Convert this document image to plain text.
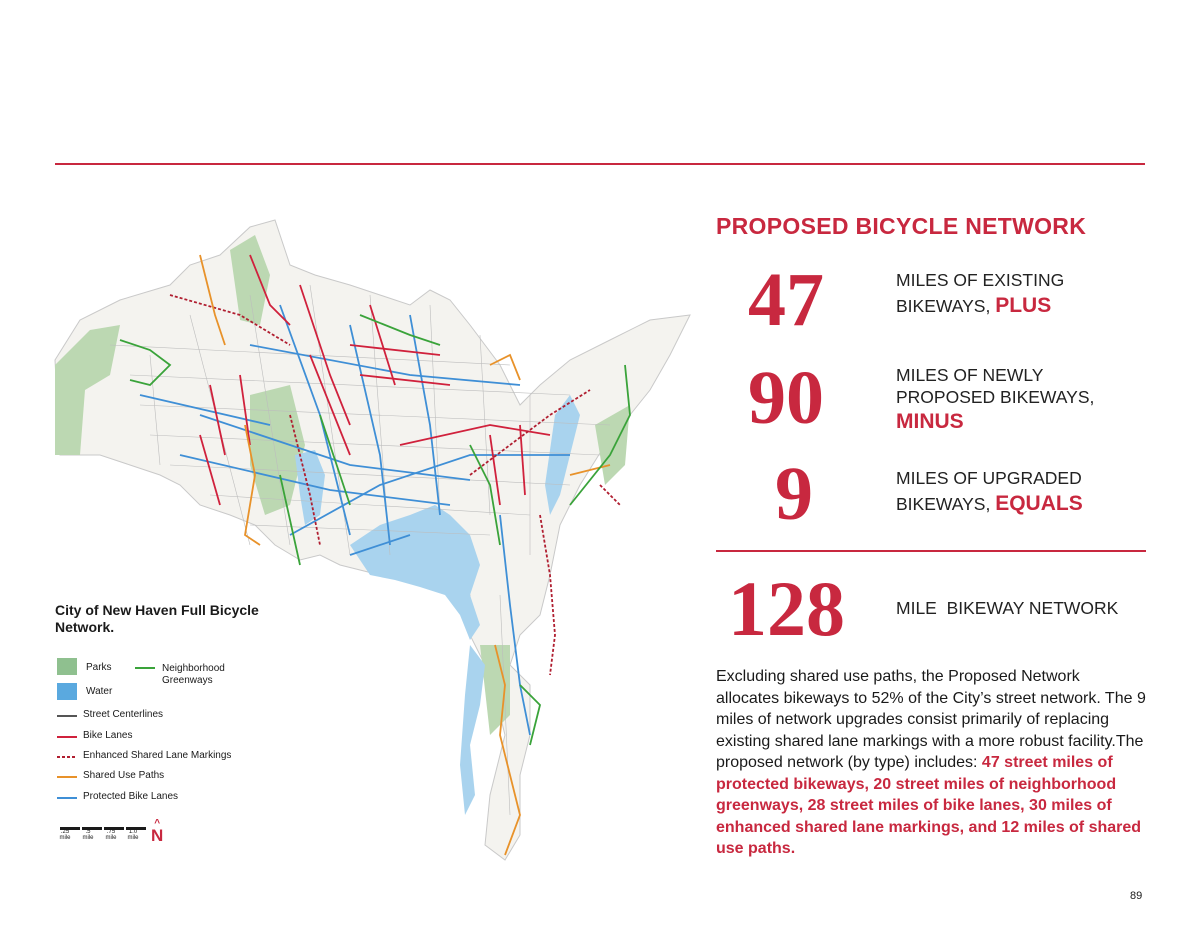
City of New Haven Full Bicycle Network.
Parks
Water
Neighborhood Greenways
Street Centerlines
Bike Lanes
Enhanced Shared Lane Markings
Shared Use Paths
Protected Bike Lanes
.25 mile
.5 mile
.75 mile
1.0 mile
^
N
PROPOSED BICYCLE NETWORK
47	MILES OF EXISTING
BIKEWAYS, PLUS
90	MILES OF NEWLY
PROPOSED BIKEWAYS,
MINUS
9	MILES OF UPGRADED
BIKEWAYS, EQUALS
128	MILE  BIKEWAY NETWORK
Excluding shared use paths, the Proposed Network allocates bikeways to 52% of the City’s street network. The 9 miles of network upgrades consist primarily of replacing existing shared lane markings with a more robust facility.The proposed network (by type) includes: 47 street miles of protected bikeways, 20 street miles of neighborhood greenways, 28 street miles of bike lanes, 30 miles of enhanced shared lane markings, and 12 miles of shared use paths.
89
